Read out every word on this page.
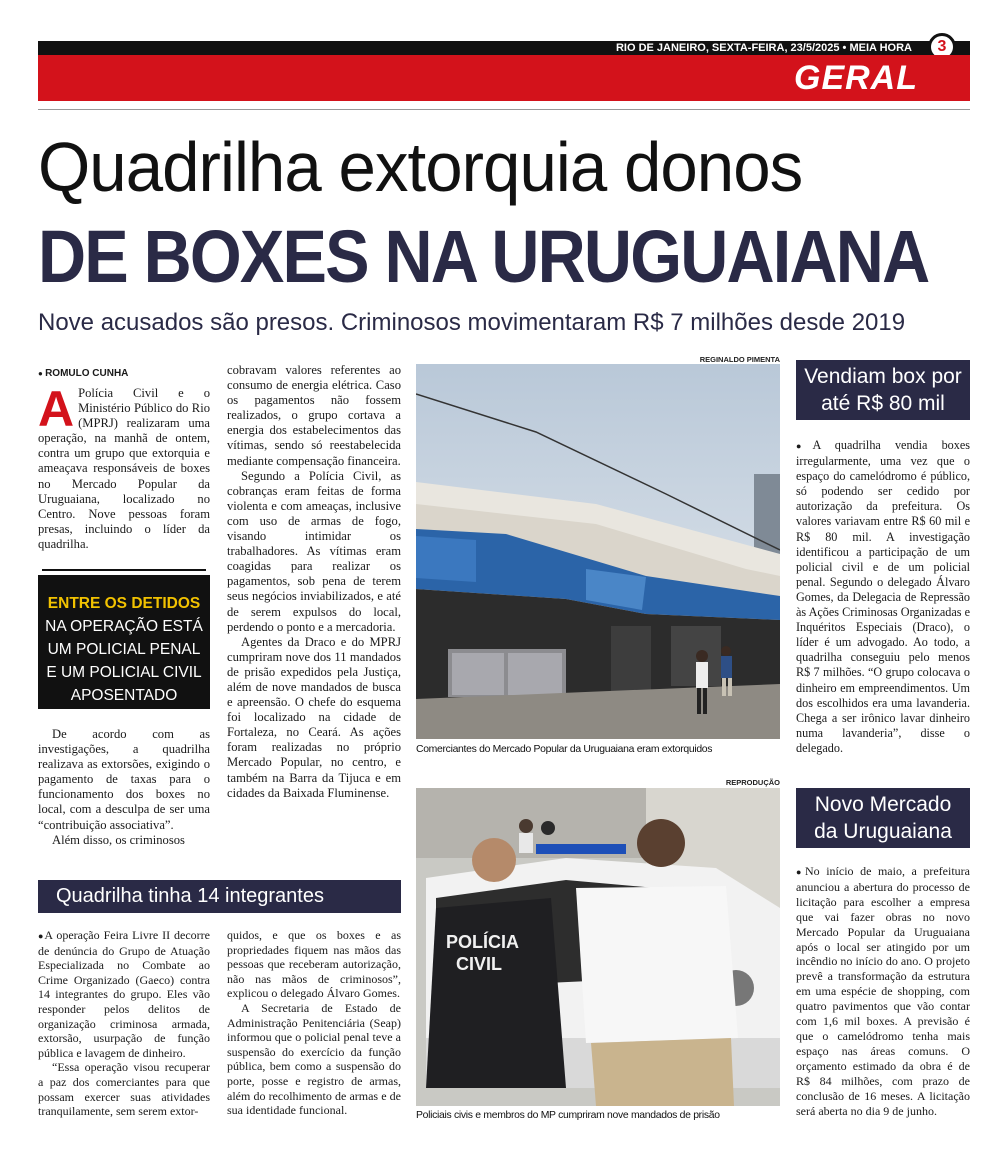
RIO DE JANEIRO, SEXTA-FEIRA, 23/5/2025 • MEIA HORA	3
GERAL
Quadrilha extorquia donos
DE BOXES NA URUGUAIANA
Nove acusados são presos. Criminosos movimentaram R$ 7 milhões desde 2019
● ROMULO CUNHA

A Polícia Civil e o Ministério Público do Rio (MPRJ) realizaram uma operação, na manhã de ontem, contra um grupo que extorquia e ameaçava responsáveis de boxes no Mercado Popular da Uruguaiana, localizado no Centro. Nove pessoas foram presas, incluindo o líder da quadrilha.

ENTRE OS DETIDOS
NA OPERAÇÃO ESTÁ
UM POLICIAL PENAL
E UM POLICIAL CIVIL
APOSENTADO

De acordo com as investigações, a quadrilha realizava as extorsões, exigindo o pagamento de taxas para o funcionamento dos boxes no local, com a desculpa de ser uma “contribuição associativa”.

Além disso, os criminosos

cobravam valores referentes ao consumo de energia elétrica. Caso os pagamentos não fossem realizados, o grupo cortava a energia dos estabelecimentos das vítimas, sendo só reestabelecida mediante compensação financeira.

Segundo a Polícia Civil, as cobranças eram feitas de forma violenta e com ameaças, inclusive com uso de armas de fogo, visando intimidar os trabalhadores. As vítimas eram coagidas para realizar os pagamentos, sob pena de terem seus negócios inviabilizados, e até de serem expulsos do local, perdendo o ponto e a mercadoria.

Agentes da Draco e do MPRJ cumpriram nove dos 11 mandados de prisão expedidos pela Justiça, além de nove mandados de busca e apreensão. O chefe do esquema foi localizado na cidade de Fortaleza, no Ceará. As ações foram realizadas no próprio Mercado Popular, no centro, e também na Barra da Tijuca e em cidades da Baixada Fluminense.

Quadrilha tinha 14 integrantes

●A operação Feira Livre II decorre de denúncia do Grupo de Atuação Especializada no Combate ao Crime Organizado (Gaeco) contra 14 integrantes do grupo. Eles vão responder pelos delitos de organização criminosa armada, extorsão, usurpação de função pública e lavagem de dinheiro.

“Essa operação visou recuperar a paz dos comerciantes para que possam exercer suas atividades tranquilamente, sem serem extor-

quidos, e que os boxes e as propriedades fiquem nas mãos das pessoas que receberam autorização, não nas mãos de criminosos”, explicou o delegado Álvaro Gomes.

A Secretaria de Estado de Administração Penitenciária (Seap) informou que o policial penal teve a suspensão do exercício da função pública, bem como a suspensão do porte, posse e registro de armas, além do recolhimento de armas e de sua identidade funcional.

REGINALDO PIMENTA
Comerciantes do Mercado Popular da Uruguaiana eram extorquidos
REPRODUÇÃO
POLÍCIA
CIVIL
Policiais civis e membros do MP cumpriram nove mandados de prisão
Vendiam box por
até R$ 80 mil

●A quadrilha vendia boxes irregularmente, uma vez que o espaço do camelódromo é público, só podendo ser cedido por autorização da prefeitura. Os valores variavam entre R$ 60 mil e R$ 80 mil. A investigação identificou a participação de um policial civil e de um policial penal. Segundo o delegado Álvaro Gomes, da Delegacia de Repressão às Ações Criminosas Organizadas e Inquéritos Especiais (Draco), o líder é um advogado. Ao todo, a quadrilha conseguiu pelo menos R$ 7 milhões. “O grupo colocava o dinheiro em empreendimentos. Um dos escolhidos era uma lavanderia. Chega a ser irônico lavar dinheiro numa lavanderia”, disse o delegado.

Novo Mercado
da Uruguaiana

●No início de maio, a prefeitura anunciou a abertura do processo de licitação para escolher a empresa que vai fazer obras no novo Mercado Popular da Uruguaiana após o local ser atingido por um incêndio no início do ano. O projeto prevê a transformação da estrutura em uma espécie de shopping, com quatro pavimentos que vão contar com 1,6 mil boxes. A previsão é que o camelódromo tenha mais espaço nas áreas comuns. O orçamento estimado da obra é de R$ 84 milhões, com prazo de conclusão de 16 meses. A licitação será aberta no dia 9 de junho.
